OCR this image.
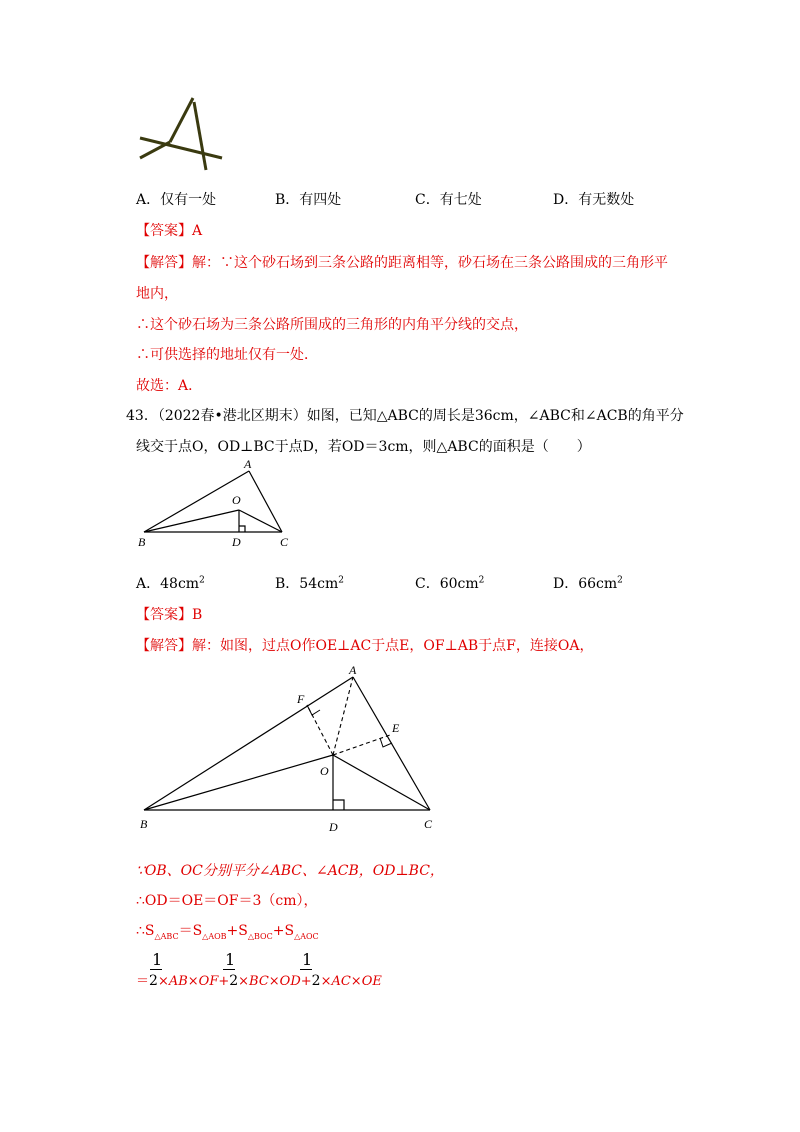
A．仅有一处	B．有四处	C．有七处	D．有无数处
【答案】A
【解答】解：∵这个砂石场到三条公路的距离相等，砂石场在三条公路围成的三角形平
地内，
∴这个砂石场为三条公路所围成的三角形的内角平分线的交点，
∴可供选择的地址仅有一处．
故选：A．
43．（2022春•港北区期末）如图，已知△ABC的周长是36cm，∠ABC和∠ACB的角平分
线交于点O，OD⊥BC于点D，若OD＝3cm，则△ABC的面积是（　　）
A
O
B	D	C
A．$48cm^2$	B．$54cm^2$	C．$60cm^2$	D．$66cm^2$
【答案】B
【解答】解：如图，过点O作OE⊥AC于点E，OF⊥AB于点F，连接OA，
A
F
E
O
B	D	C
∵OB、OC分别平分∠ABC、∠ACB，OD⊥BC，
∴OD＝OE＝OF＝3（cm），
$\therefore S_{\triangle ABC}=S_{\triangle AOB}+S_{\triangle BOC}+S_{\triangle AOC}$
1	1	1
＝2×AB×OF+2×BC×OD+2×AC×OE
